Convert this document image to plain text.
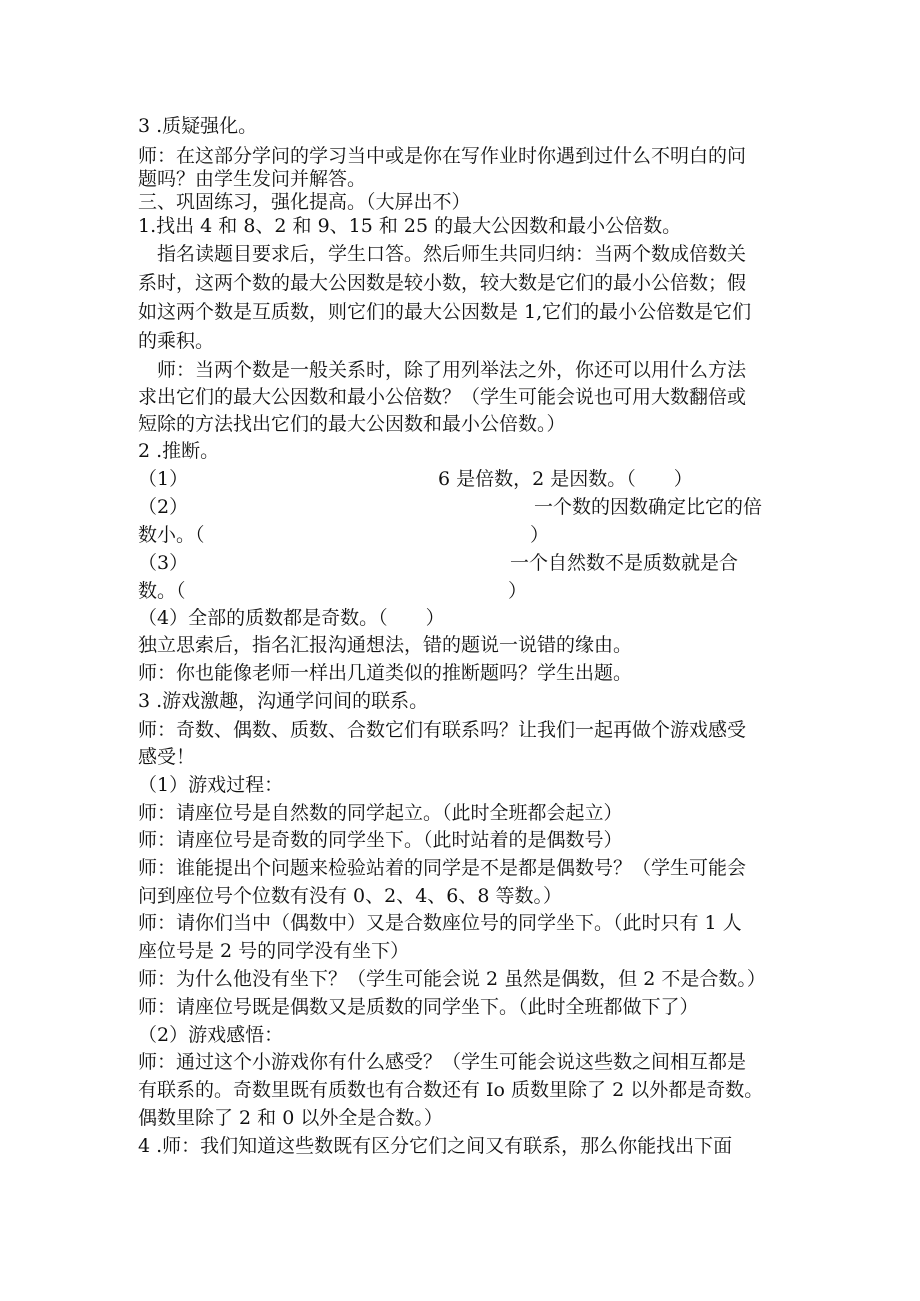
3 .质疑强化。
师：在这部分学问的学习当中或是你在写作业时你遇到过什么不明白的问
题吗？由学生发问并解答。
三、巩固练习，强化提高。（大屏出不）
1.找出 4 和 8、2 和 9、15 和 25 的最大公因数和最小公倍数。
指名读题目要求后，学生口答。然后师生共同归纳：当两个数成倍数关
系时，这两个数的最大公因数是较小数，较大数是它们的最小公倍数；假
如这两个数是互质数，则它们的最大公因数是 1,它们的最小公倍数是它们
的乘积。
师：当两个数是一般关系时，除了用列举法之外，你还可以用什么方法
求出它们的最大公因数和最小公倍数？（学生可能会说也可用大数翻倍或
短除的方法找出它们的最大公因数和最小公倍数。）
2 .推断。
（1）	6 是倍数，2 是因数。（　　）
（2）	一个数的因数确定比它的倍
数小。（	）
（3）	一个自然数不是质数就是合
数。（	）
（4）全部的质数都是奇数。（　　）
独立思索后，指名汇报沟通想法，错的题说一说错的缘由。
师：你也能像老师一样出几道类似的推断题吗？学生出题。
3 .游戏激趣，沟通学问间的联系。
师：奇数、偶数、质数、合数它们有联系吗？让我们一起再做个游戏感受
感受！
（1）游戏过程：
师：请座位号是自然数的同学起立。（此时全班都会起立）
师：请座位号是奇数的同学坐下。（此时站着的是偶数号）
师：谁能提出个问题来检验站着的同学是不是都是偶数号？（学生可能会
问到座位号个位数有没有 0、2、4、6、8 等数。）
师：请你们当中（偶数中）又是合数座位号的同学坐下。（此时只有 1 人
座位号是 2 号的同学没有坐下）
师：为什么他没有坐下？（学生可能会说 2 虽然是偶数，但 2 不是合数。）
师：请座位号既是偶数又是质数的同学坐下。（此时全班都做下了）
（2）游戏感悟：
师：通过这个小游戏你有什么感受？（学生可能会说这些数之间相互都是
有联系的。奇数里既有质数也有合数还有 Io 质数里除了 2 以外都是奇数。
偶数里除了 2 和 0 以外全是合数。）
4 .师：我们知道这些数既有区分它们之间又有联系，那么你能找出下面
